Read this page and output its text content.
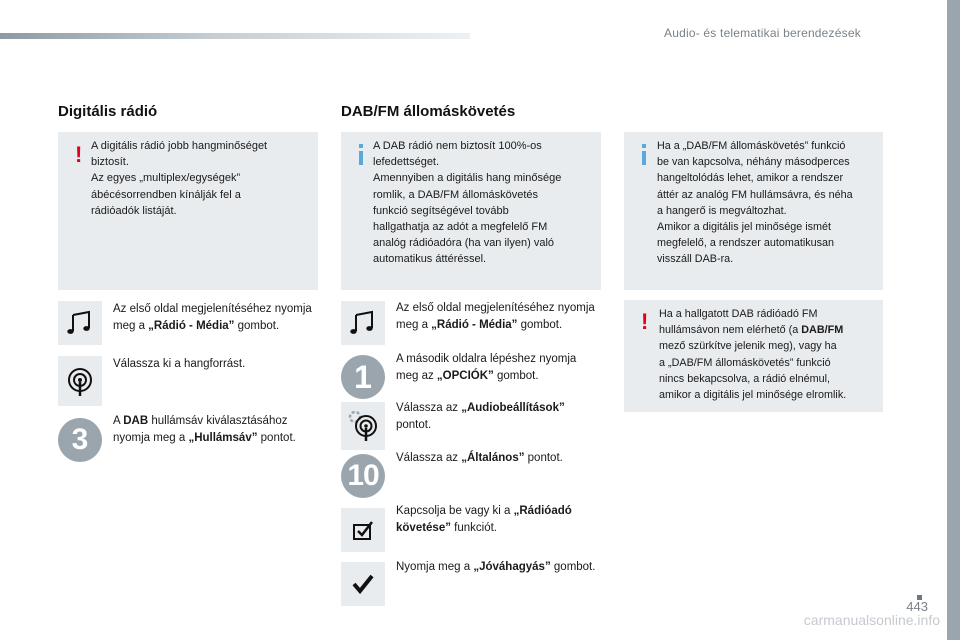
Audio- és telematikai berendezések
Digitális rádió
! A digitális rádió jobb hangminőséget
biztosít.
Az egyes „multiplex/egységek”
ábécésorrendben kínálják fel a
rádióadók listáját.
Az első oldal megjelenítéséhez nyomja meg a „Rádió - Média” gombot.
Válassza ki a hangforrást.
3
A DAB hullámsáv kiválasztásához nyomja meg a „Hullámsáv” pontot.
DAB/FM állomáskövetés
A DAB rádió nem biztosít 100%-os
lefedettséget.
Amennyiben a digitális hang minősége
romlik, a DAB/FM állomáskövetés
funkció segítségével tovább
hallgathatja az adót a megfelelő FM
analóg rádióadóra (ha van ilyen) való
automatikus áttéréssel.
Az első oldal megjelenítéséhez nyomja meg a „Rádió - Média” gombot.
1	A második oldalra lépéshez nyomja meg az „OPCIÓK” gombot.
Válassza az „Audiobeállítások” pontot.
10
Válassza az „Általános” pontot.
Kapcsolja be vagy ki a „Rádióadó követése” funkciót.
Nyomja meg a „Jóváhagyás” gombot.
Ha a „DAB/FM állomáskövetés” funkció
be van kapcsolva, néhány másodperces
hangeltolódás lehet, amikor a rendszer
áttér az analóg FM hullámsávra, és néha
a hangerő is megváltozhat.
Amikor a digitális jel minősége ismét
megfelelő, a rendszer automatikusan
visszáll DAB-ra.
! Ha a hallgatott DAB rádióadó FM
hullámsávon nem elérhető (a DAB/FM
mező szürkítve jelenik meg), vagy ha
a „DAB/FM állomáskövetés” funkció
nincs bekapcsolva, a rádió elnémul,
amikor a digitális jel minősége elromlik.
443
carmanualsonline.info
